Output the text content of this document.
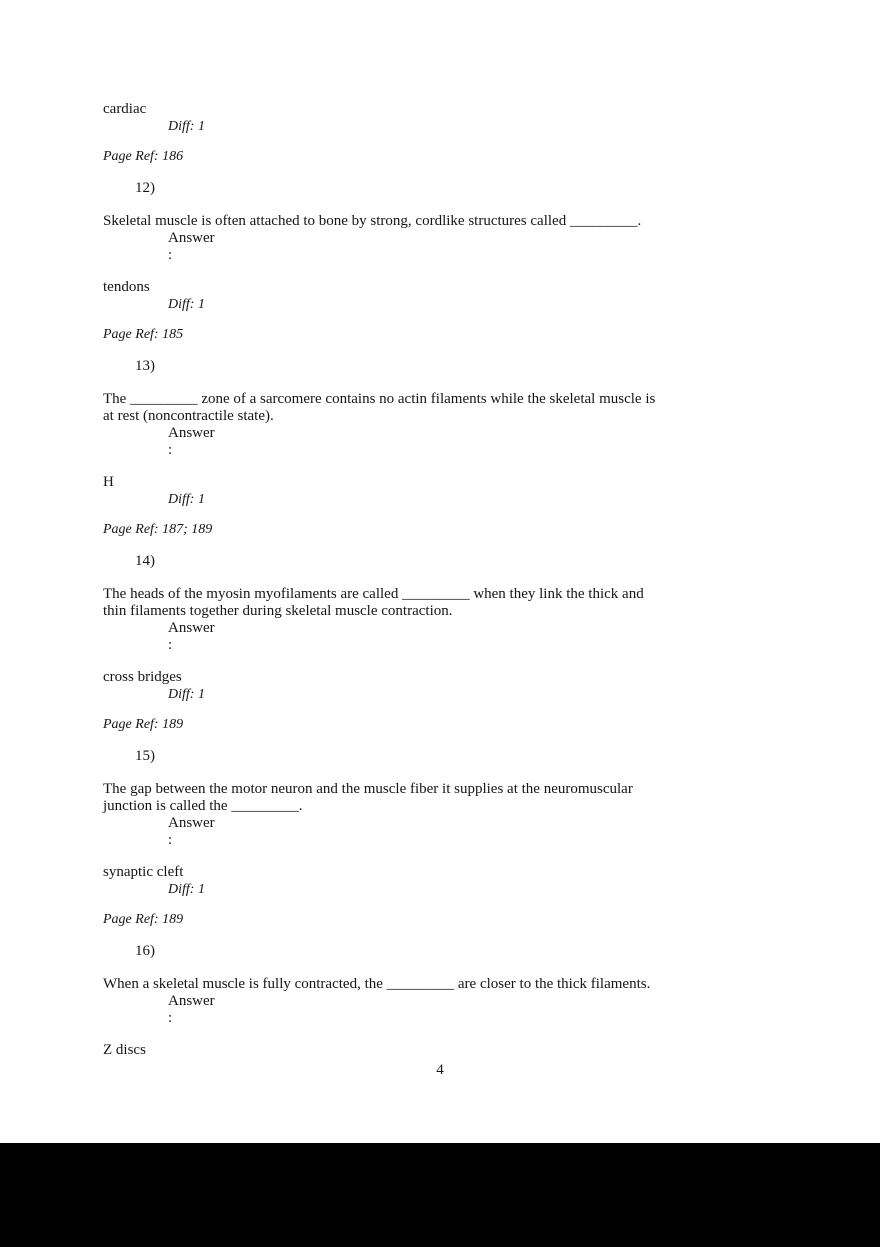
cardiac
Diff: 1
Page Ref: 186
12)
Skeletal muscle is often attached to bone by strong, cordlike structures called _________.
Answer
:
tendons
Diff: 1
Page Ref: 185
13)
The _________ zone of a sarcomere contains no actin filaments while the skeletal muscle is
at rest (noncontractile state).
Answer
:
H
Diff: 1
Page Ref: 187; 189
14)
The heads of the myosin myofilaments are called _________ when they link the thick and
thin filaments together during skeletal muscle contraction.
Answer
:
cross bridges
Diff: 1
Page Ref: 189
15)
The gap between the motor neuron and the muscle fiber it supplies at the neuromuscular
junction is called the _________.
Answer
:
synaptic cleft
Diff: 1
Page Ref: 189
16)
When a skeletal muscle is fully contracted, the _________ are closer to the thick filaments.
Answer
:
Z discs
4
